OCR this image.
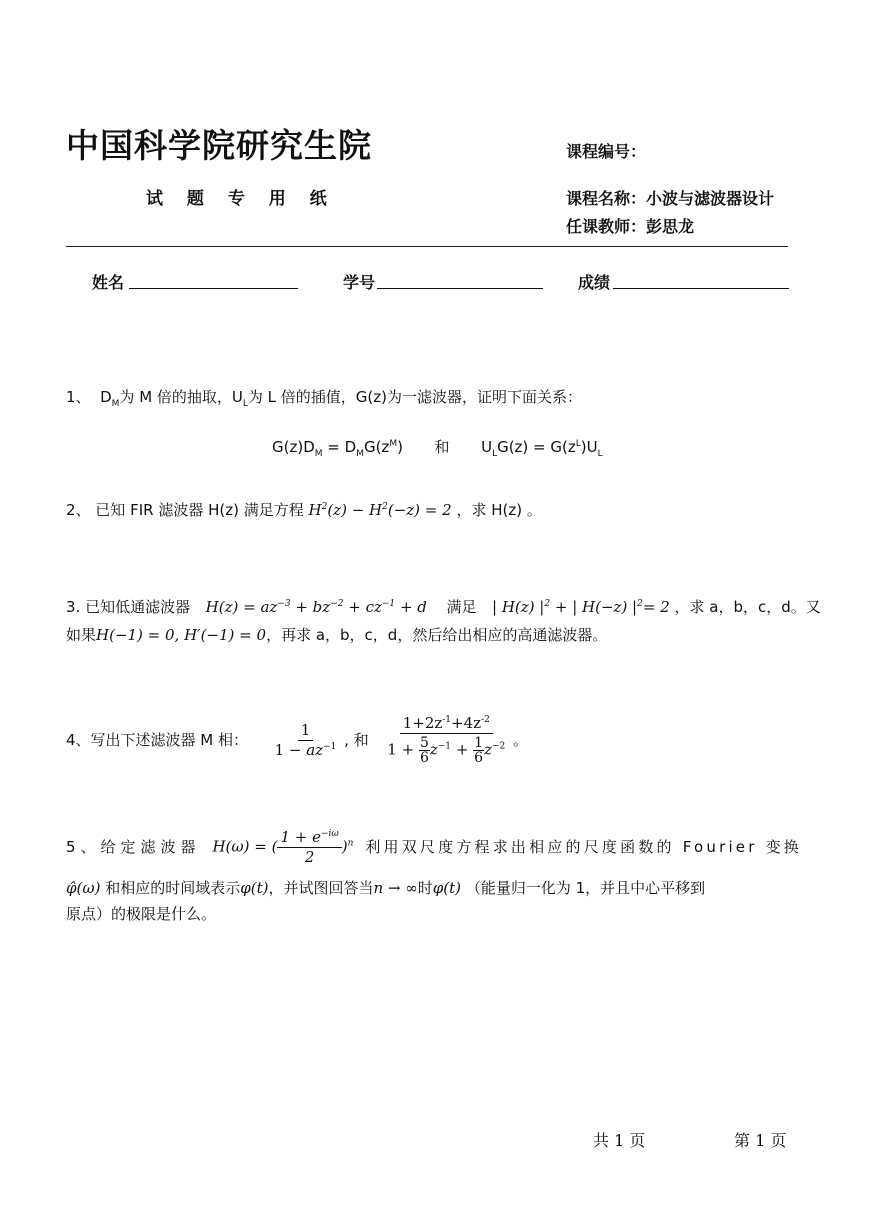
中国科学院研究生院
试 题 专 用 纸
课程编号：
课程名称：小波与滤波器设计
任课教师：彭思龙
姓名	学号	成绩
1、  $D_M$为 M 倍的抽取，$U_L$为 L 倍的插值，G(z)为一滤波器，证明下面关系：
$G(z)D_M = D_MG(z^M)$ 和 $U_LG(z) = G(z^L)U_L$
2、 已知 FIR 滤波器 H(z) 满足方程 $H^2(z) - H^2(-z) = 2$ ，求 H(z) 。
3. 已知低通滤波器 $H(z) = az^{-3} + bz^{-2} + cz^{-1} + d$ 满足 | H(z) $|^2$ + | H(−z) $|^2= 2$ ，求 a，b，c，d。又
如果H(−1) = 0, H′(−1) = 0，再求 a，b，c，d，然后给出相应的高通滤波器。
4、写出下述滤波器 M 相： $\frac{1}{1 - az^{-1}}$ , 和 $\frac{1+2z^{-1}+4z^{-2}}{1 + \frac{5}{6} z^{-1} + \frac{1}{6} z^{-2}}$ 。
5、给定滤波器 H(ω) = ( $\frac{1 + e^{-i\omega}}{2} )^n$ 利用双尺度方程求出相应的尺度函数的 Fourier 变换
φ̂(ω) 和相应的时间域表示φ(t)，并试图回答当n → ∞时φ(t) （能量归一化为 1，并且中心平移到
原点）的极限是什么。
共 1 页	第 1 页
